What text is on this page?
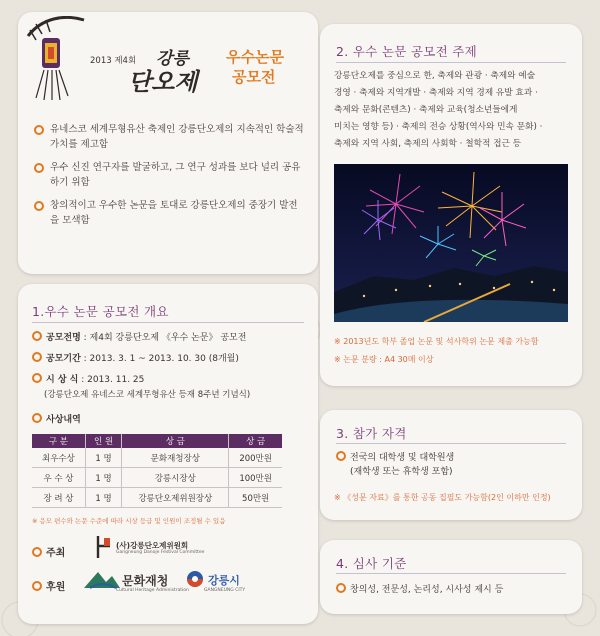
2013 제4회 강릉
단오제
우수논문
공모전
유네스코 세계무형유산 축제인 강릉단오제의 지속적인 학술적 가치를 제고함
우수 신진 연구자를 발굴하고, 그 연구 성과를 보다 널리 공유하기 위함
창의적이고 우수한 논문을 토대로 강릉단오제의 중장기 발전을 모색함
1.우수 논문 공모전 개요
공모전명 : 제4회 강릉단오제 《우수 논문》 공모전
공모기간 : 2013. 3. 1 ~ 2013. 10. 30 (8개월)
시 상 식 : 2013. 11. 25
(강릉단오제 유네스코 세계무형유산 등재 8주년 기념식)
사상내역
구 분	인 원	상 금	상 금
최우수상	1 명	문화재청장상	200만원
우 수 상	1 명	강릉시장상	100만원
장 려 상	1 명	강릉단오제위원장상	50만원
※ 응모 편수와 논문 수준에 따라 시상 등급 및 인원이 조정될 수 있음
주최
(사)강릉단오제위원회
Gangneung Danoje Festival Committee
후원	문화재청
Cultural Heritage Administration
강릉시
GANGNEUNG CITY
2. 우수 논문 공모전 주제
강릉단오제를 중심으로 한, 축제와 관광 · 축제와 예술
경영 · 축제와 지역개발 · 축제와 지역 경제 유발 효과 ·
축제와 문화(콘텐츠) · 축제와 교육(청소년들에게
미치는 영향 등) · 축제의 전승 상황(역사와 민속 문화) ·
축제와 지역 사회, 축제의 사회학 · 철학적 접근 등
※ 2013년도 학부 졸업 논문 및 석사학위 논문 제출 가능함
※ 논문 분량 : A4 30매 이상
3. 참가 자격
전국의 대학생 및 대학원생
(재학생 또는 휴학생 포함)
※ 《성문 자료》를 통한 공동 집필도 가능함(2인 이하만 인정)
4. 심사 기준
창의성, 전문성, 논리성, 시사성 제시 등
